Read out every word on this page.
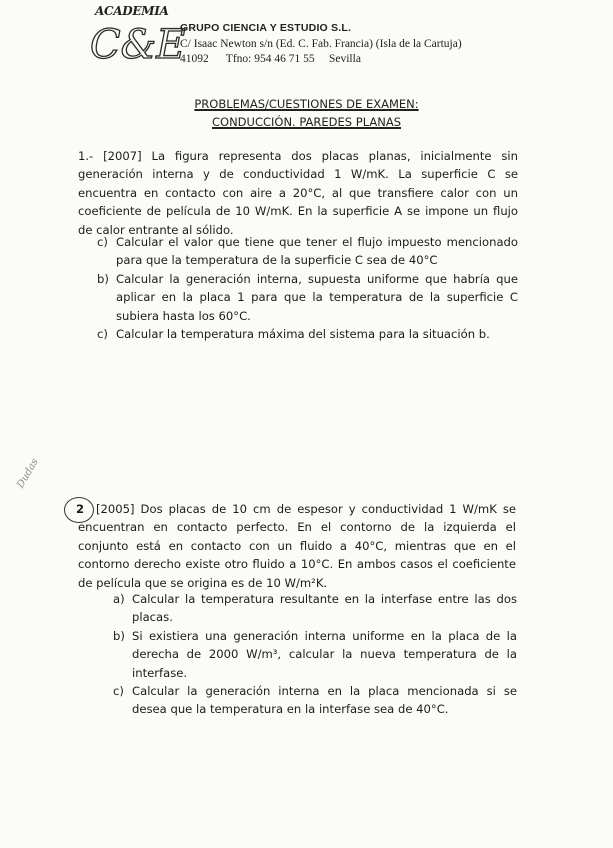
ACADEMIA
C&E
GRUPO CIENCIA Y ESTUDIO S.L.
C/ Isaac Newton s/n (Ed. C. Fab. Francia) (Isla de la Cartuja)
41092 Tfno: 954 46 71 55 Sevilla
PROBLEMAS/CUESTIONES DE EXAMEN:
CONDUCCIÓN. PAREDES PLANAS
1.- [2007] La figura representa dos placas planas, inicialmente sin generación interna y de conductividad 1 W/mK. La superficie C se encuentra en contacto con aire a 20°C, al que transfiere calor con un coeficiente de película de 10 W/mK. En la superficie A se impone un flujo de calor entrante al sólido.
c) Calcular el valor que tiene que tener el flujo impuesto mencionado para que la temperatura de la superficie C sea de 40°C
b) Calcular la generación interna, supuesta uniforme que habría que aplicar en la placa 1 para que la temperatura de la superficie C subiera hasta los 60°C.
c) Calcular la temperatura máxima del sistema para la situación b.
Dudas
2	[2005] Dos placas de 10 cm de espesor y conductividad 1 W/mK se encuentran en contacto perfecto. En el contorno de la izquierda el conjunto está en contacto con un fluido a 40°C, mientras que en el contorno derecho existe otro fluido a 10°C. En ambos casos el coeficiente de película que se origina es de 10 W/m²K.
a) Calcular la temperatura resultante en la interfase entre las dos placas.
b) Si existiera una generación interna uniforme en la placa de la derecha de 2000 W/m³, calcular la nueva temperatura de la interfase.
c) Calcular la generación interna en la placa mencionada si se desea que la temperatura en la interfase sea de 40°C.
